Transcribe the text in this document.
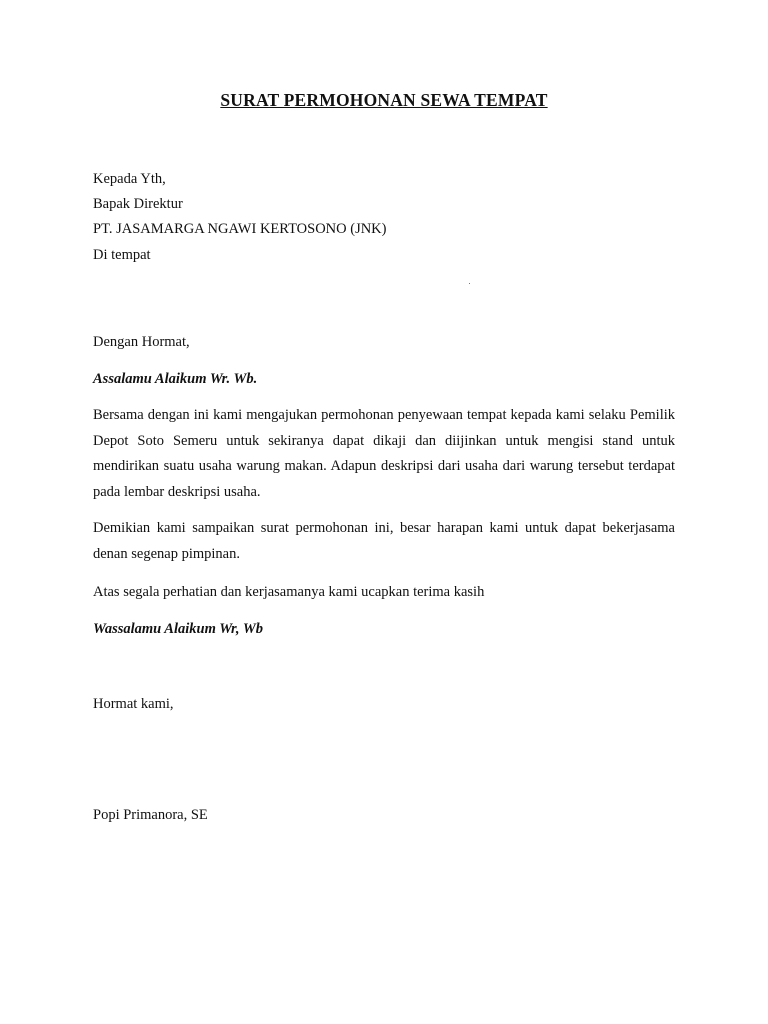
SURAT PERMOHONAN SEWA TEMPAT
Kepada Yth,
Bapak Direktur
PT. JASAMARGA NGAWI KERTOSONO (JNK)
Di tempat
Dengan Hormat,
Assalamu Alaikum Wr. Wb.
Bersama dengan ini kami mengajukan permohonan penyewaan tempat kepada kami selaku Pemilik Depot Soto Semeru untuk sekiranya dapat dikaji dan diijinkan untuk mengisi stand untuk mendirikan suatu usaha warung makan. Adapun deskripsi dari usaha dari warung tersebut terdapat pada lembar deskripsi usaha.
Demikian kami sampaikan surat permohonan ini, besar harapan kami untuk dapat bekerjasama denan segenap pimpinan.
Atas segala perhatian dan kerjasamanya kami ucapkan terima kasih
Wassalamu Alaikum Wr, Wb
Hormat kami,
Popi Primanora, SE
